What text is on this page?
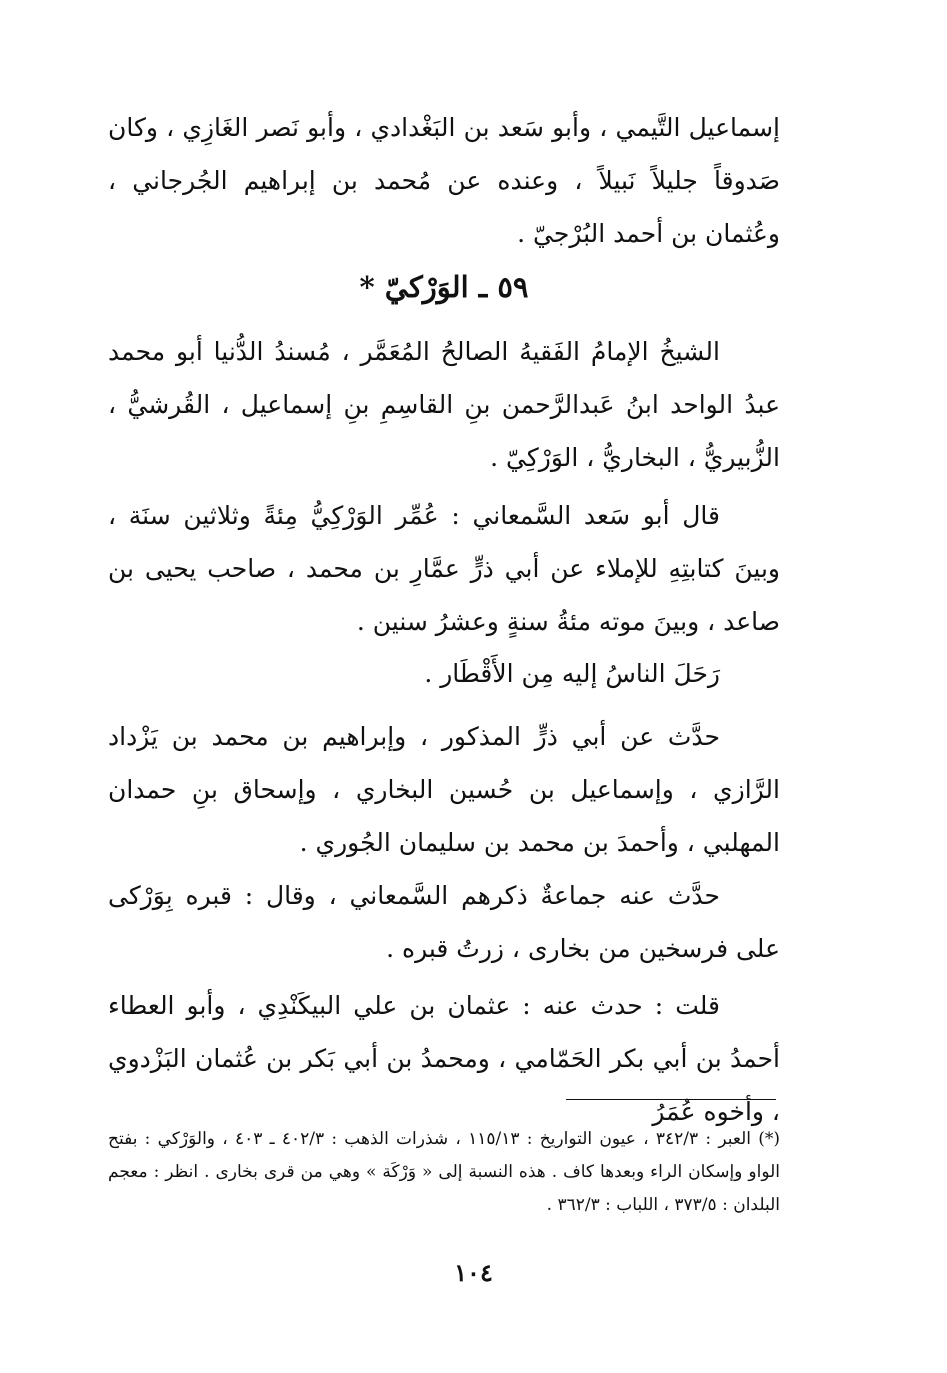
إسماعيل التَّيمي ، وأبو سَعد بن البَغْدادي ، وأبو نَصر الغَازِي ، وكان صَدوقاً جليلاً نَبيلاً ، وعنده عن مُحمد بن إبراهيم الجُرجاني ، وعُثمان بن أحمد البُرْجيّ .

٥٩ ـ الوَرْكيّ *

الشيخُ الإمامُ الفَقيهُ الصالحُ المُعَمَّر ، مُسندُ الدُّنيا أبو محمد عبدُ الواحد ابنُ عَبدالرَّحمن بنِ القاسِمِ بنِ إسماعيل ، القُرشيُّ ، الزُّبيريُّ ، البخاريُّ ، الوَرْكِيّ .

قال أبو سَعد السَّمعاني : عُمِّر الوَرْكِيُّ مِئةً وثلاثين سنَة ، وبينَ كتابتِهِ للإملاء عن أبي ذرٍّ عمَّارِ بن محمد ، صاحب يحيى بن صاعد ، وبينَ موته مئةُ سنةٍ وعشرُ سنين .

رَحَلَ الناسُ إليه مِن الأَقْطَار .

حدَّث عن أبي ذرٍّ المذكور ، وإبراهيم بن محمد بن يَزْداد الرَّازي ، وإسماعيل بن حُسين البخاري ، وإسحاق بنِ حمدان المهلبي ، وأحمدَ بن محمد بن سليمان الجُوري .

حدَّث عنه جماعةٌ ذكرهم السَّمعاني ، وقال : قبره بِوَرْكى على فرسخين من بخارى ، زرتُ قبره .

قلت : حدث عنه : عثمان بن علي البيكَنْدِي ، وأبو العطاء أحمدُ بن أبي بكر الحَمّامي ، ومحمدُ بن أبي بَكر بن عُثمان البَزْدوي ، وأخوه عُمَرُ

(*) العبر : ٣٤٢/٣ ، عيون التواريخ : ١١٥/١٣ ، شذرات الذهب : ٤٠٢/٣ ـ ٤٠٣ ، والوَرْكي : بفتح الواو وإسكان الراء وبعدها كاف . هذه النسبة إلى « وَرْكَة » وهي من قرى بخارى . انظر : معجم البلدان : ٣٧٣/٥ ، اللباب : ٣٦٢/٣ .

١٠٤
